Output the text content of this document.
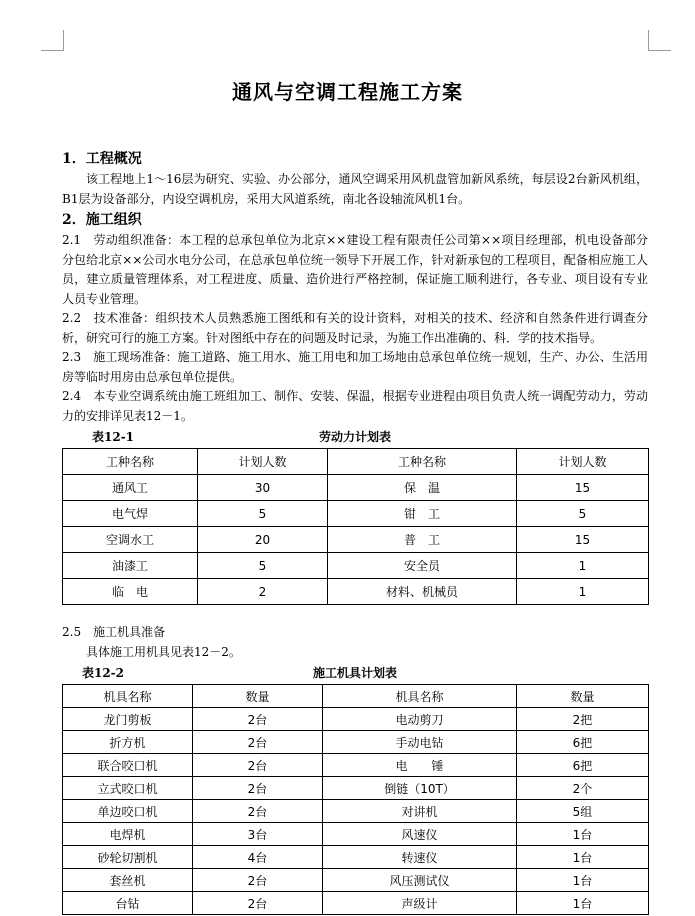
通风与空调工程施工方案

1．工程概况

该工程地上1～16层为研究、实验、办公部分，通风空调采用风机盘管加新风系统，每层设2台新风机组，B1层为设备部分，内设空调机房，采用大风道系统，南北各设轴流风机1台。

2．施工组织

2.1　劳动组织准备：本工程的总承包单位为北京××建设工程有限责任公司第××项目经理部，机电设备部分分包给北京××公司水电分公司，在总承包单位统一领导下开展工作，针对新承包的工程项目，配备相应施工人员，建立质量管理体系，对工程进度、质量、造价进行严格控制，保证施工顺利进行，各专业、项目设有专业人员专业管理。

2.2　技术准备：组织技术人员熟悉施工图纸和有关的设计资料，对相关的技术、经济和自然条件进行调查分析，研究可行的施工方案。针对图纸中存在的问题及时记录，为施工作出准确的、科．学的技术指导。

2.3　施工现场准备：施工道路、施工用水、施工用电和加工场地由总承包单位统一规划，生产、办公、生活用房等临时用房由总承包单位提供。

2.4　本专业空调系统由施工班组加工、制作、安装、保温，根据专业进程由项目负责人统一调配劳动力，劳动力的安排详见表12－1。

表12-1	劳动力计划表
工种名称	计划人数	工种名称	计划人数
通风工	30	保　温	15
电气焊	5	钳　工	5
空调水工	20	普　工	15
油漆工	5	安全员	1
临　电	2	材料、机械员	1

2.5　施工机具准备

具体施工用机具见表12－2。

表12-2	施工机具计划表
机具名称	数量	机具名称	数量
龙门剪板	2台	电动剪刀	2把
折方机	2台	手动电钻	6把
联合咬口机	2台	电　　锤	6把
立式咬口机	2台	倒链（10T）	2个
单边咬口机	2台	对讲机	5组
电焊机	3台	风速仪	1台
砂轮切割机	4台	转速仪	1台
套丝机	2台	风压测试仪	1台
台钻	2台	声级计	1台
